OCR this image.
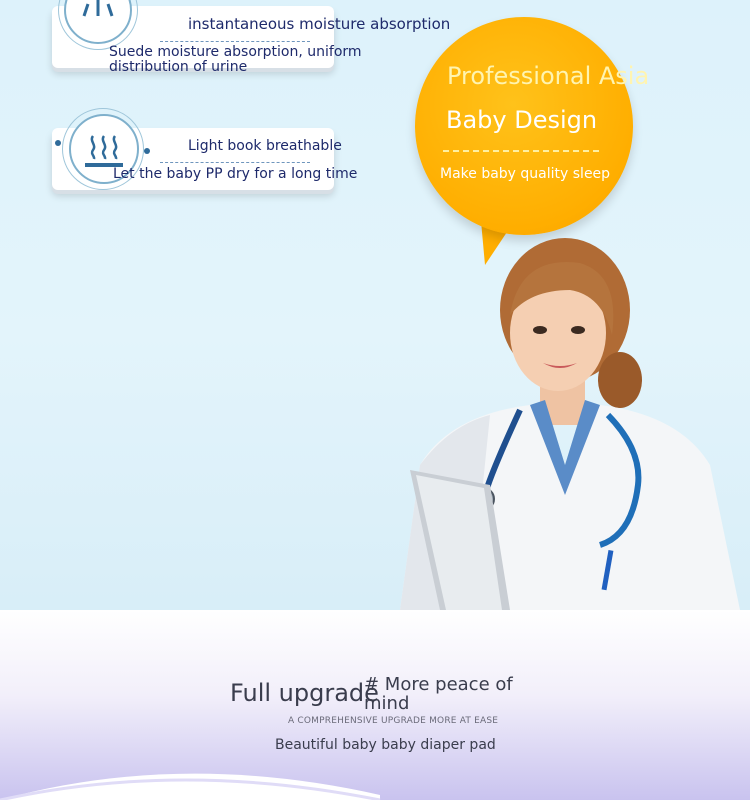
instantaneous moisture absorption
Suede moisture absorption, uniform distribution of urine
Light book breathable
Let the baby PP dry for a long time
Professional Asia
Baby Design
Make baby quality sleep
Full upgrade
# More peace of mind
A COMPREHENSIVE UPGRADE MORE AT EASE
Beautiful baby baby diaper pad
